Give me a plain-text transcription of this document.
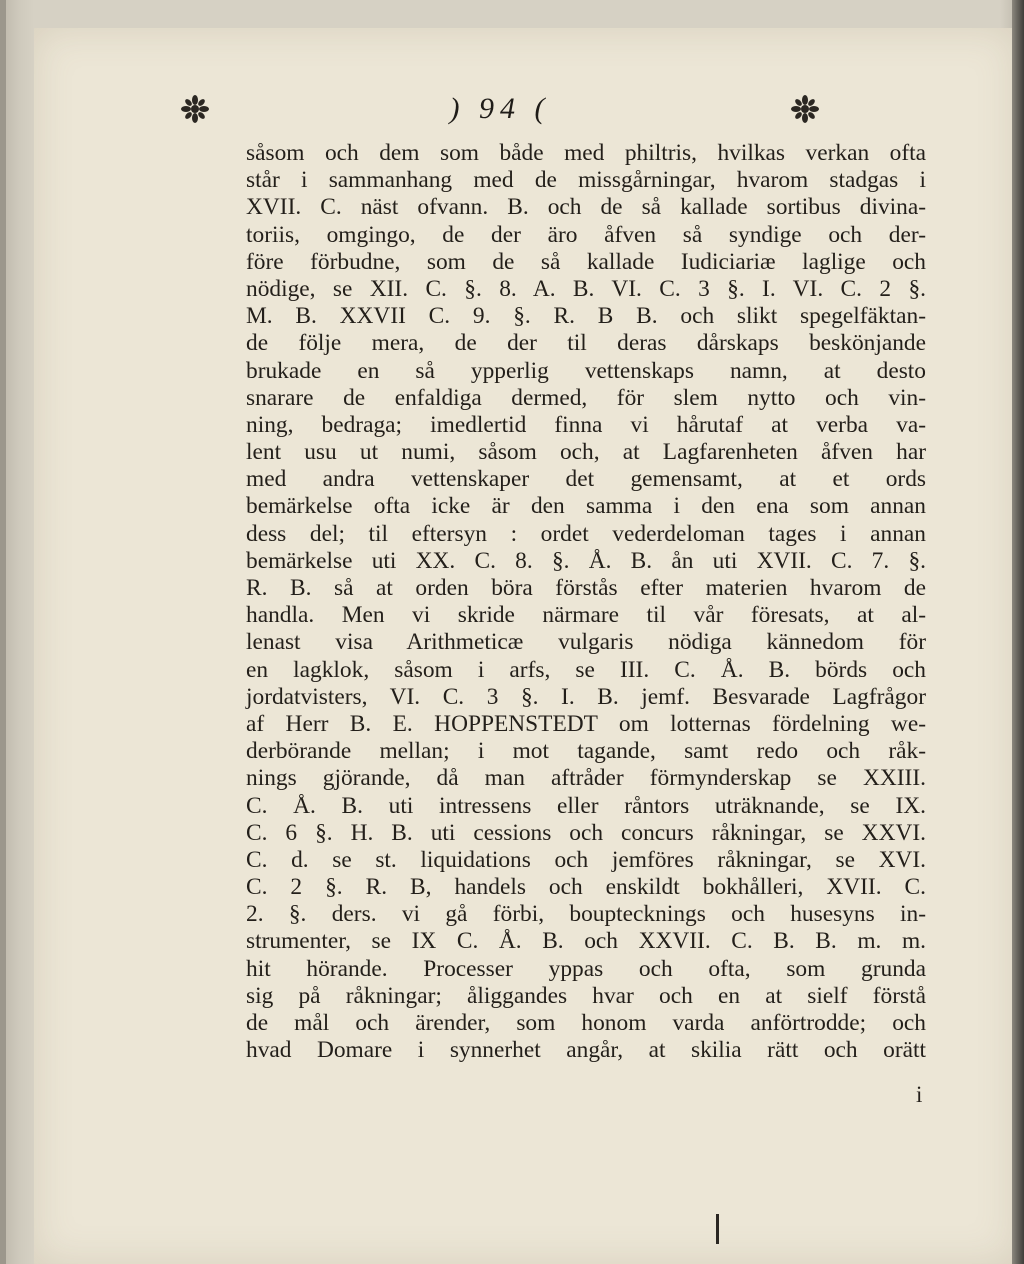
) 94 (
såsom och dem som både med philtris, hvilkas verkan ofta
står i sammanhang med de missgårningar, hvarom stadgas i
XVII. C. näst ofvann. B. och de så kallade sortibus divina-
toriis, omgingo, de der äro åfven så syndige och der-
före förbudne, som de så kallade Iudiciariæ laglige och
nödige, se XII. C. §. 8. A. B. VI. C. 3 §. I. VI. C. 2 §.
M. B. XXVII C. 9. §. R. B B. och slikt spegelfäktan-
de följe mera, de der til deras dårskaps beskönjande
brukade en så ypperlig vettenskaps namn, at desto
snarare de enfaldiga dermed, för slem nytto och vin-
ning, bedraga; imedlertid finna vi hårutaf at verba va-
lent usu ut numi, såsom och, at Lagfarenheten åfven har
med andra vettenskaper det gemensamt, at et ords
bemärkelse ofta icke är den samma i den ena som annan
dess del; til eftersyn : ordet vederdeloman tages i annan
bemärkelse uti XX. C. 8. §. Å. B. ån uti XVII. C. 7. §.
R. B. så at orden böra förstås efter materien hvarom de
handla. Men vi skride närmare til vår föresats, at al-
lenast visa Arithmeticæ vulgaris nödiga kännedom för
en lagklok, såsom i arfs, se III. C. Å. B. börds och
jordatvisters, VI. C. 3 §. I. B. jemf. Besvarade Lagfrågor
af Herr B. E. HOPPENSTEDT om lotternas fördelning we-
derbörande mellan; i mot tagande, samt redo och råk-
nings gjörande, då man aftråder förmynderskap se XXIII.
C. Å. B. uti intressens eller råntors uträknande, se IX.
C. 6 §. H. B. uti cessions och concurs råkningar, se XXVI.
C. d. se st. liquidations och jemföres råkningar, se XVI.
C. 2 §. R. B, handels och enskildt bokhålleri, XVII. C.
2. §. ders. vi gå förbi, bouptecknings och husesyns in-
strumenter, se IX C. Å. B. och XXVII. C. B. B. m. m.
hit hörande. Processer yppas och ofta, som grunda
sig på råkningar; åliggandes hvar och en at sielf förstå
de mål och ärender, som honom varda anförtrodde; och
hvad Domare i synnerhet angår, at skilia rätt och orätt
i
